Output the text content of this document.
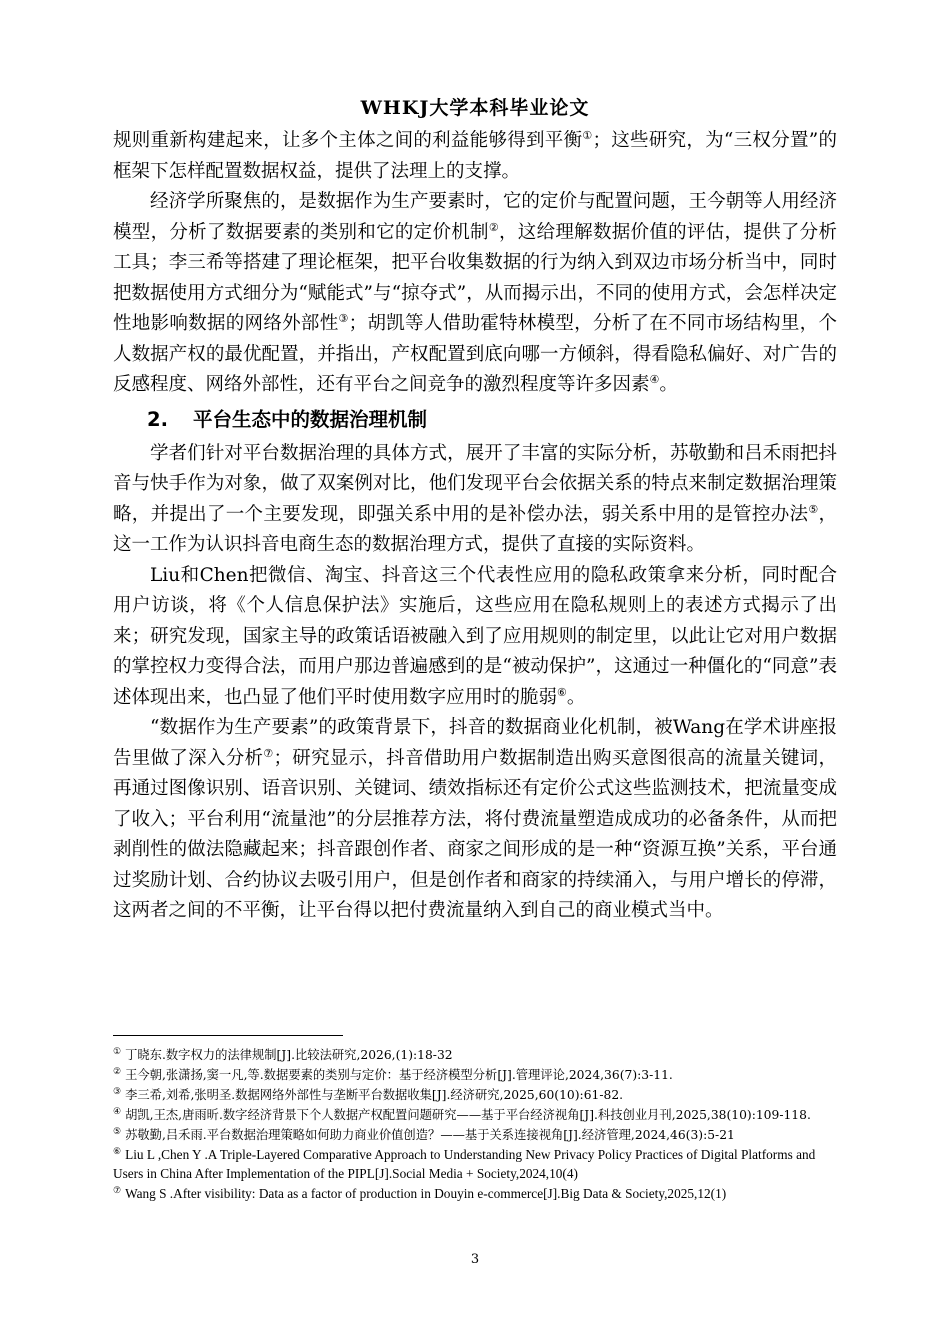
WHKJ大学本科毕业论文

规则重新构建起来，让多个主体之间的利益能够得到平衡①；这些研究，为“三权分置”的框架下怎样配置数据权益，提供了法理上的支撑。

经济学所聚焦的，是数据作为生产要素时，它的定价与配置问题，王今朝等人用经济模型，分析了数据要素的类别和它的定价机制②，这给理解数据价值的评估，提供了分析工具；李三希等搭建了理论框架，把平台收集数据的行为纳入到双边市场分析当中，同时把数据使用方式细分为“赋能式”与“掠夺式”，从而揭示出，不同的使用方式，会怎样决定性地影响数据的网络外部性③；胡凯等人借助霍特林模型，分析了在不同市场结构里，个人数据产权的最优配置，并指出，产权配置到底向哪一方倾斜，得看隐私偏好、对广告的反感程度、网络外部性，还有平台之间竞争的激烈程度等许多因素④。

2. 平台生态中的数据治理机制

学者们针对平台数据治理的具体方式，展开了丰富的实际分析，苏敬勤和吕禾雨把抖音与快手作为对象，做了双案例对比，他们发现平台会依据关系的特点来制定数据治理策略，并提出了一个主要发现，即强关系中用的是补偿办法，弱关系中用的是管控办法⑤，这一工作为认识抖音电商生态的数据治理方式，提供了直接的实际资料。

Liu和Chen把微信、淘宝、抖音这三个代表性应用的隐私政策拿来分析，同时配合用户访谈，将《个人信息保护法》实施后，这些应用在隐私规则上的表述方式揭示了出来；研究发现，国家主导的政策话语被融入到了应用规则的制定里，以此让它对用户数据的掌控权力变得合法，而用户那边普遍感到的是“被动保护”，这通过一种僵化的“同意”表述体现出来，也凸显了他们平时使用数字应用时的脆弱⑥。

“数据作为生产要素”的政策背景下，抖音的数据商业化机制，被Wang在学术讲座报告里做了深入分析⑦；研究显示，抖音借助用户数据制造出购买意图很高的流量关键词，再通过图像识别、语音识别、关键词、绩效指标还有定价公式这些监测技术，把流量变成了收入；平台利用“流量池”的分层推荐方法，将付费流量塑造成成功的必备条件，从而把剥削性的做法隐藏起来；抖音跟创作者、商家之间形成的是一种“资源互换”关系，平台通过奖励计划、合约协议去吸引用户，但是创作者和商家的持续涌入，与用户增长的停滞，这两者之间的不平衡，让平台得以把付费流量纳入到自己的商业模式当中。

① 丁晓东.数字权力的法律规制[J].比较法研究,2026,(1):18-32

② 王今朝,张潇扬,窦一凡,等.数据要素的类别与定价：基于经济模型分析[J].管理评论,2024,36(7):3-11.

③ 李三希,刘希,张明圣.数据网络外部性与垄断平台数据收集[J].经济研究,2025,60(10):61-82.

④ 胡凯,王杰,唐雨昕.数字经济背景下个人数据产权配置问题研究——基于平台经济视角[J].科技创业月刊,2025,38(10):109-118.

⑤ 苏敬勤,吕禾雨.平台数据治理策略如何助力商业价值创造？——基于关系连接视角[J].经济管理,2024,46(3):5-21

⑥ Liu L ,Chen Y .A Triple-Layered Comparative Approach to Understanding New Privacy Policy Practices of Digital Platforms and Users in China After Implementation of the PIPL[J].Social Media + Society,2024,10(4)

⑦ Wang S .After visibility: Data as a factor of production in Douyin e-commerce[J].Big Data & Society,2025,12(1)

3
